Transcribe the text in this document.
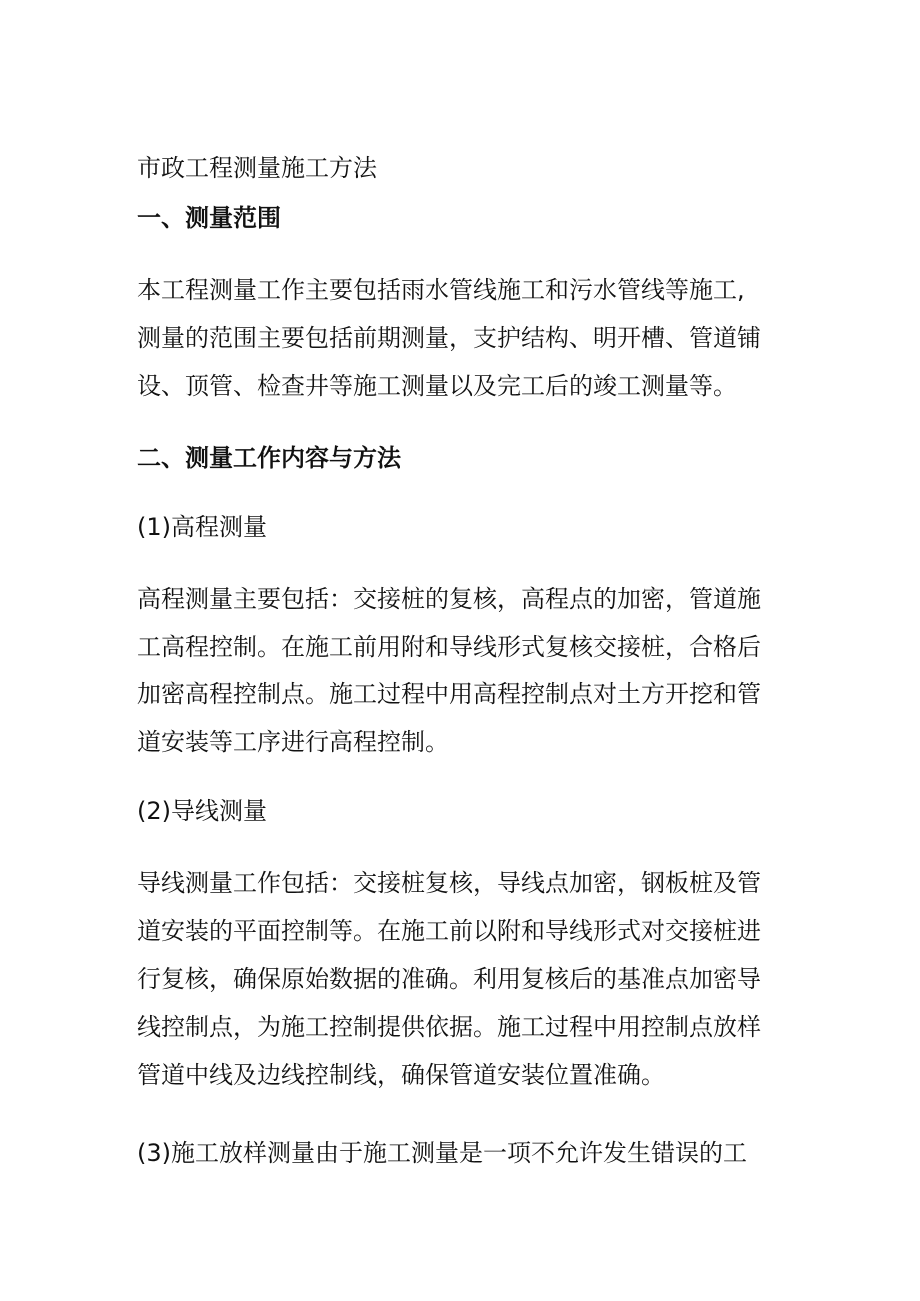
市政工程测量施工方法
一、测量范围
本工程测量工作主要包括雨水管线施工和污水管线等施工,
测量的范围主要包括前期测量，支护结构、明开槽、管道铺
设、顶管、检查井等施工测量以及完工后的竣工测量等。
二、测量工作内容与方法
(1)高程测量
高程测量主要包括：交接桩的复核，高程点的加密，管道施
工高程控制。在施工前用附和导线形式复核交接桩，合格后
加密高程控制点。施工过程中用高程控制点对土方开挖和管
道安装等工序进行高程控制。
(2)导线测量
导线测量工作包括：交接桩复核，导线点加密，钢板桩及管
道安装的平面控制等。在施工前以附和导线形式对交接桩进
行复核，确保原始数据的准确。利用复核后的基准点加密导
线控制点，为施工控制提供依据。施工过程中用控制点放样
管道中线及边线控制线，确保管道安装位置准确。
(3)施工放样测量由于施工测量是一项不允许发生错误的工
